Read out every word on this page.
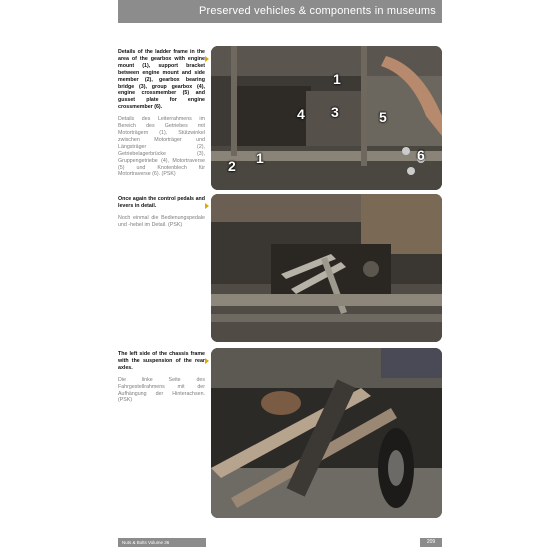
Preserved vehicles & components in museums
Details of the ladder frame in the area of the gearbox with engine mount (1), support bracket between engine mount and side member (2), gearbox bearing bridge (3), group gearbox (4), engine crossmember (5) and gusset plate for engine crossmember (6).
Details des Leiterrahmens im Bereich des Getriebes mit Motorträgern (1), Stützwinkel zwischen Motorträger und Längsträger (2), Getriebelagerbrücke (3), Gruppengetriebe (4), Motortraverse (5) und Knotenblech für Motortraverse (6). (PSK)
1
4 3	5
2 1	6
Once again the control pedals and levers in detail.
Noch einmal die Bedienungspedale und -hebel im Detail. (PSK)
The left side of the chassis frame with the suspension of the rear axles.
Die linke Seite des Fahrgestellrahmens mit der Aufhängung der Hinterachsen. (PSK)
Nuts & Bolts Volume 36	209
